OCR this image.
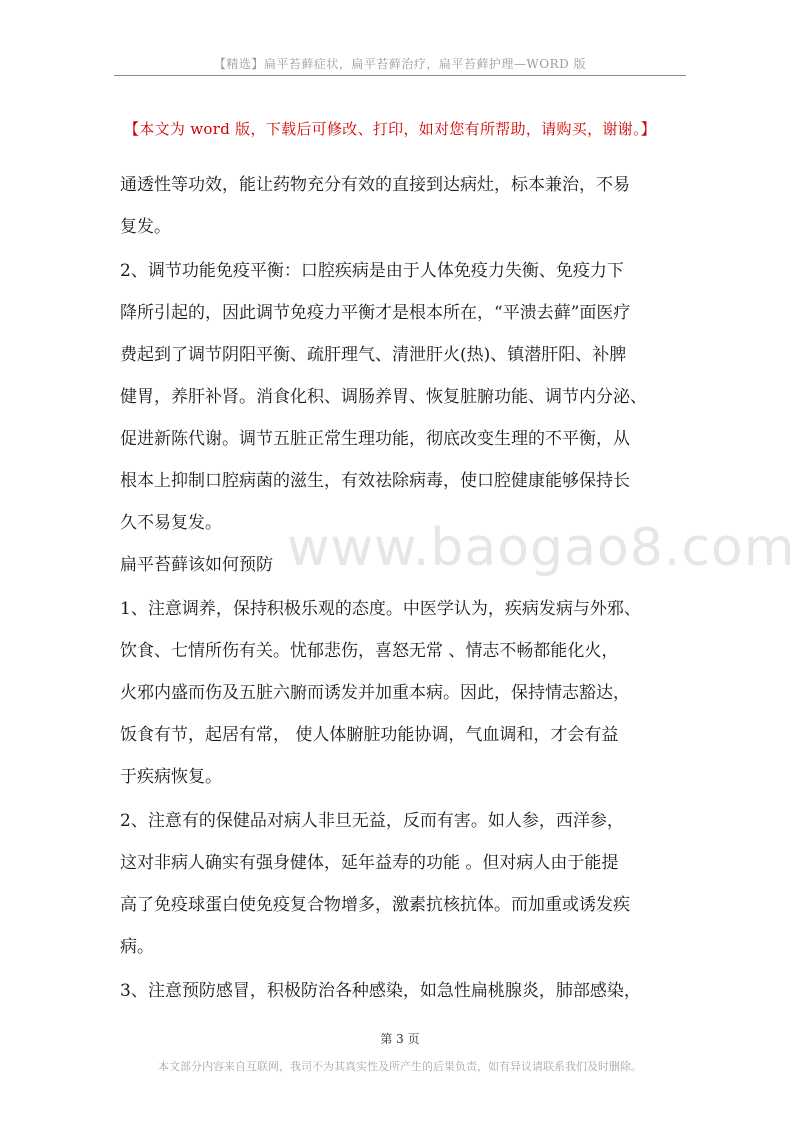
【精选】扁平苔藓症状，扁平苔藓治疗，扁平苔藓护理—WORD 版
【本文为 word 版，下载后可修改、打印，如对您有所帮助，请购买，谢谢。】
www.baogao8.com
通透性等功效，能让药物充分有效的直接到达病灶，标本兼治，不易
复发。
2、调节功能免疫平衡：口腔疾病是由于人体免疫力失衡、免疫力下
降所引起的，因此调节免疫力平衡才是根本所在，“平溃去藓”面医疗
费起到了调节阴阳平衡、疏肝理气、清泄肝火(热)、镇潜肝阳、补脾
健胃，养肝补肾。消食化积、调肠养胃、恢复脏腑功能、调节内分泌、
促进新陈代谢。调节五脏正常生理功能，彻底改变生理的不平衡，从
根本上抑制口腔病菌的滋生，有效祛除病毒，使口腔健康能够保持长
久不易复发。
扁平苔藓该如何预防
1、注意调养，保持积极乐观的态度。中医学认为，疾病发病与外邪、
饮食、七情所伤有关。忧郁悲伤，喜怒无常 、情志不畅都能化火，
火邪内盛而伤及五脏六腑而诱发并加重本病。因此，保持情志豁达，
饭食有节，起居有常， 使人体腑脏功能协调，气血调和，才会有益
于疾病恢复。
2、注意有的保健品对病人非旦无益，反而有害。如人参，西洋参，
这对非病人确实有强身健体，延年益寿的功能 。但对病人由于能提
高了免疫球蛋白使免疫复合物增多，激素抗核抗体。而加重或诱发疾
病。
3、注意预防感冒，积极防治各种感染，如急性扁桃腺炎，肺部感染，
第 3 页
本文部分内容来自互联网，我司不为其真实性及所产生的后果负责，如有异议请联系我们及时删除。
